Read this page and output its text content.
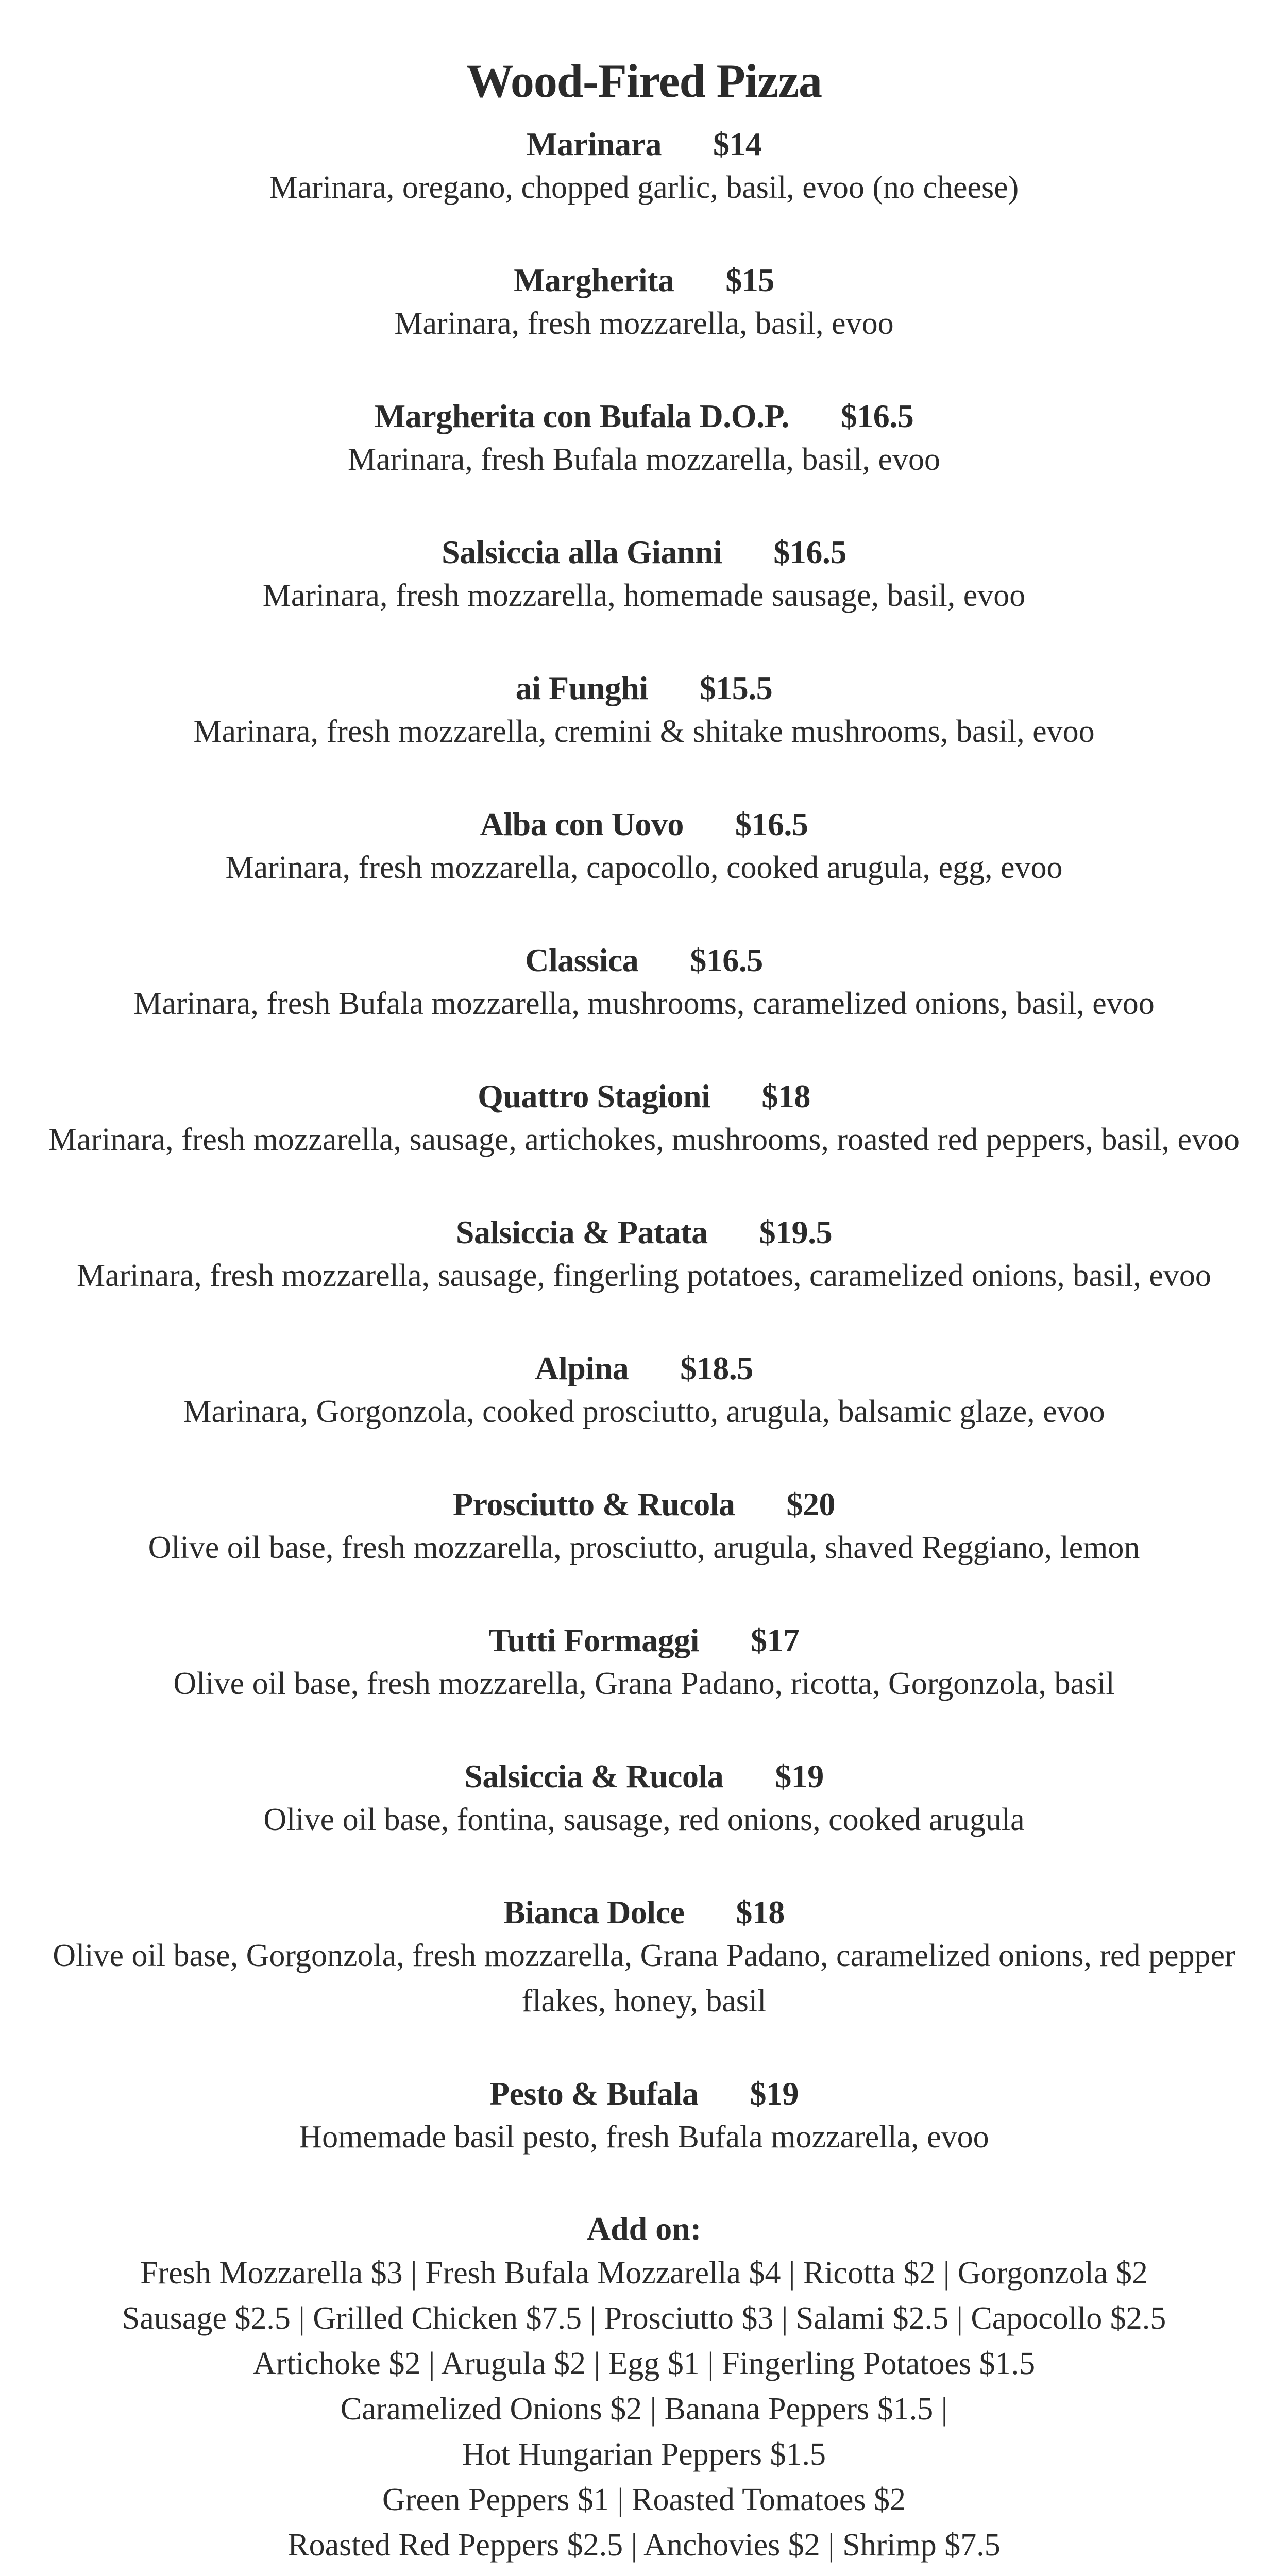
Wood-Fired Pizza
Marinara $14
Marinara, oregano, chopped garlic, basil, evoo (no cheese)
Margherita $15
Marinara, fresh mozzarella, basil, evoo
Margherita con Bufala D.O.P. $16.5
Marinara, fresh Bufala mozzarella, basil, evoo
Salsiccia alla Gianni $16.5
Marinara, fresh mozzarella, homemade sausage, basil, evoo
ai Funghi $15.5
Marinara, fresh mozzarella, cremini & shitake mushrooms, basil, evoo
Alba con Uovo $16.5
Marinara, fresh mozzarella, capocollo, cooked arugula, egg, evoo
Classica $16.5
Marinara, fresh Bufala mozzarella, mushrooms, caramelized onions, basil, evoo
Quattro Stagioni $18
Marinara, fresh mozzarella, sausage, artichokes, mushrooms, roasted red peppers, basil, evoo
Salsiccia & Patata $19.5
Marinara, fresh mozzarella, sausage, fingerling potatoes, caramelized onions, basil, evoo
Alpina $18.5
Marinara, Gorgonzola, cooked prosciutto, arugula, balsamic glaze, evoo
Prosciutto & Rucola $20
Olive oil base, fresh mozzarella, prosciutto, arugula, shaved Reggiano, lemon
Tutti Formaggi $17
Olive oil base, fresh mozzarella, Grana Padano, ricotta, Gorgonzola, basil
Salsiccia & Rucola $19
Olive oil base, fontina, sausage, red onions, cooked arugula
Bianca Dolce $18
Olive oil base, Gorgonzola, fresh mozzarella, Grana Padano, caramelized onions, red pepper flakes, honey, basil
Pesto & Bufala $19
Homemade basil pesto, fresh Bufala mozzarella, evoo
Add on:
Fresh Mozzarella $3 | Fresh Bufala Mozzarella $4 | Ricotta $2 | Gorgonzola $2
Sausage $2.5 | Grilled Chicken $7.5 | Prosciutto $3 | Salami $2.5 | Capocollo $2.5
Artichoke $2 | Arugula $2 | Egg $1 | Fingerling Potatoes $1.5
Caramelized Onions $2 | Banana Peppers $1.5 |
Hot Hungarian Peppers $1.5
Green Peppers $1 | Roasted Tomatoes $2
Roasted Red Peppers $2.5 | Anchovies $2 | Shrimp $7.5
